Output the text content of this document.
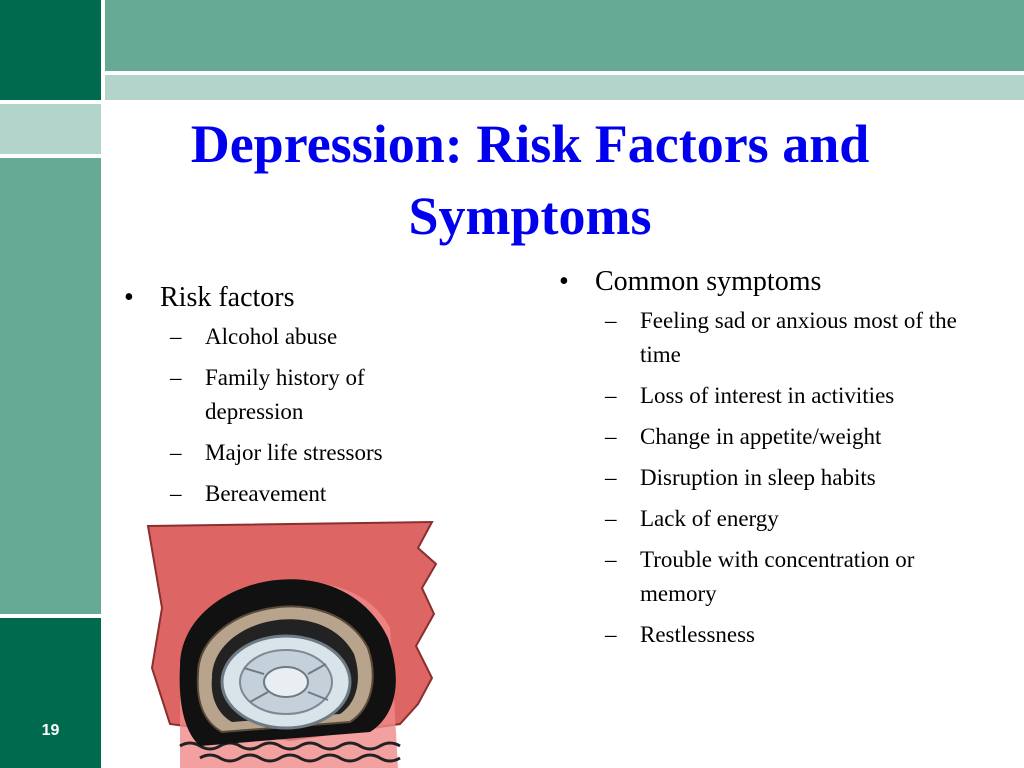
19
Depression: Risk Factors and
Symptoms
• Risk factors
– Alcohol abuse
– Family history of depression
– Major life stressors
– Bereavement
• Common symptoms
– Feeling sad or anxious most of the time
– Loss of interest in activities
– Change in appetite/weight
– Disruption in sleep habits
– Lack of energy
– Trouble with concentration or memory
– Restlessness
